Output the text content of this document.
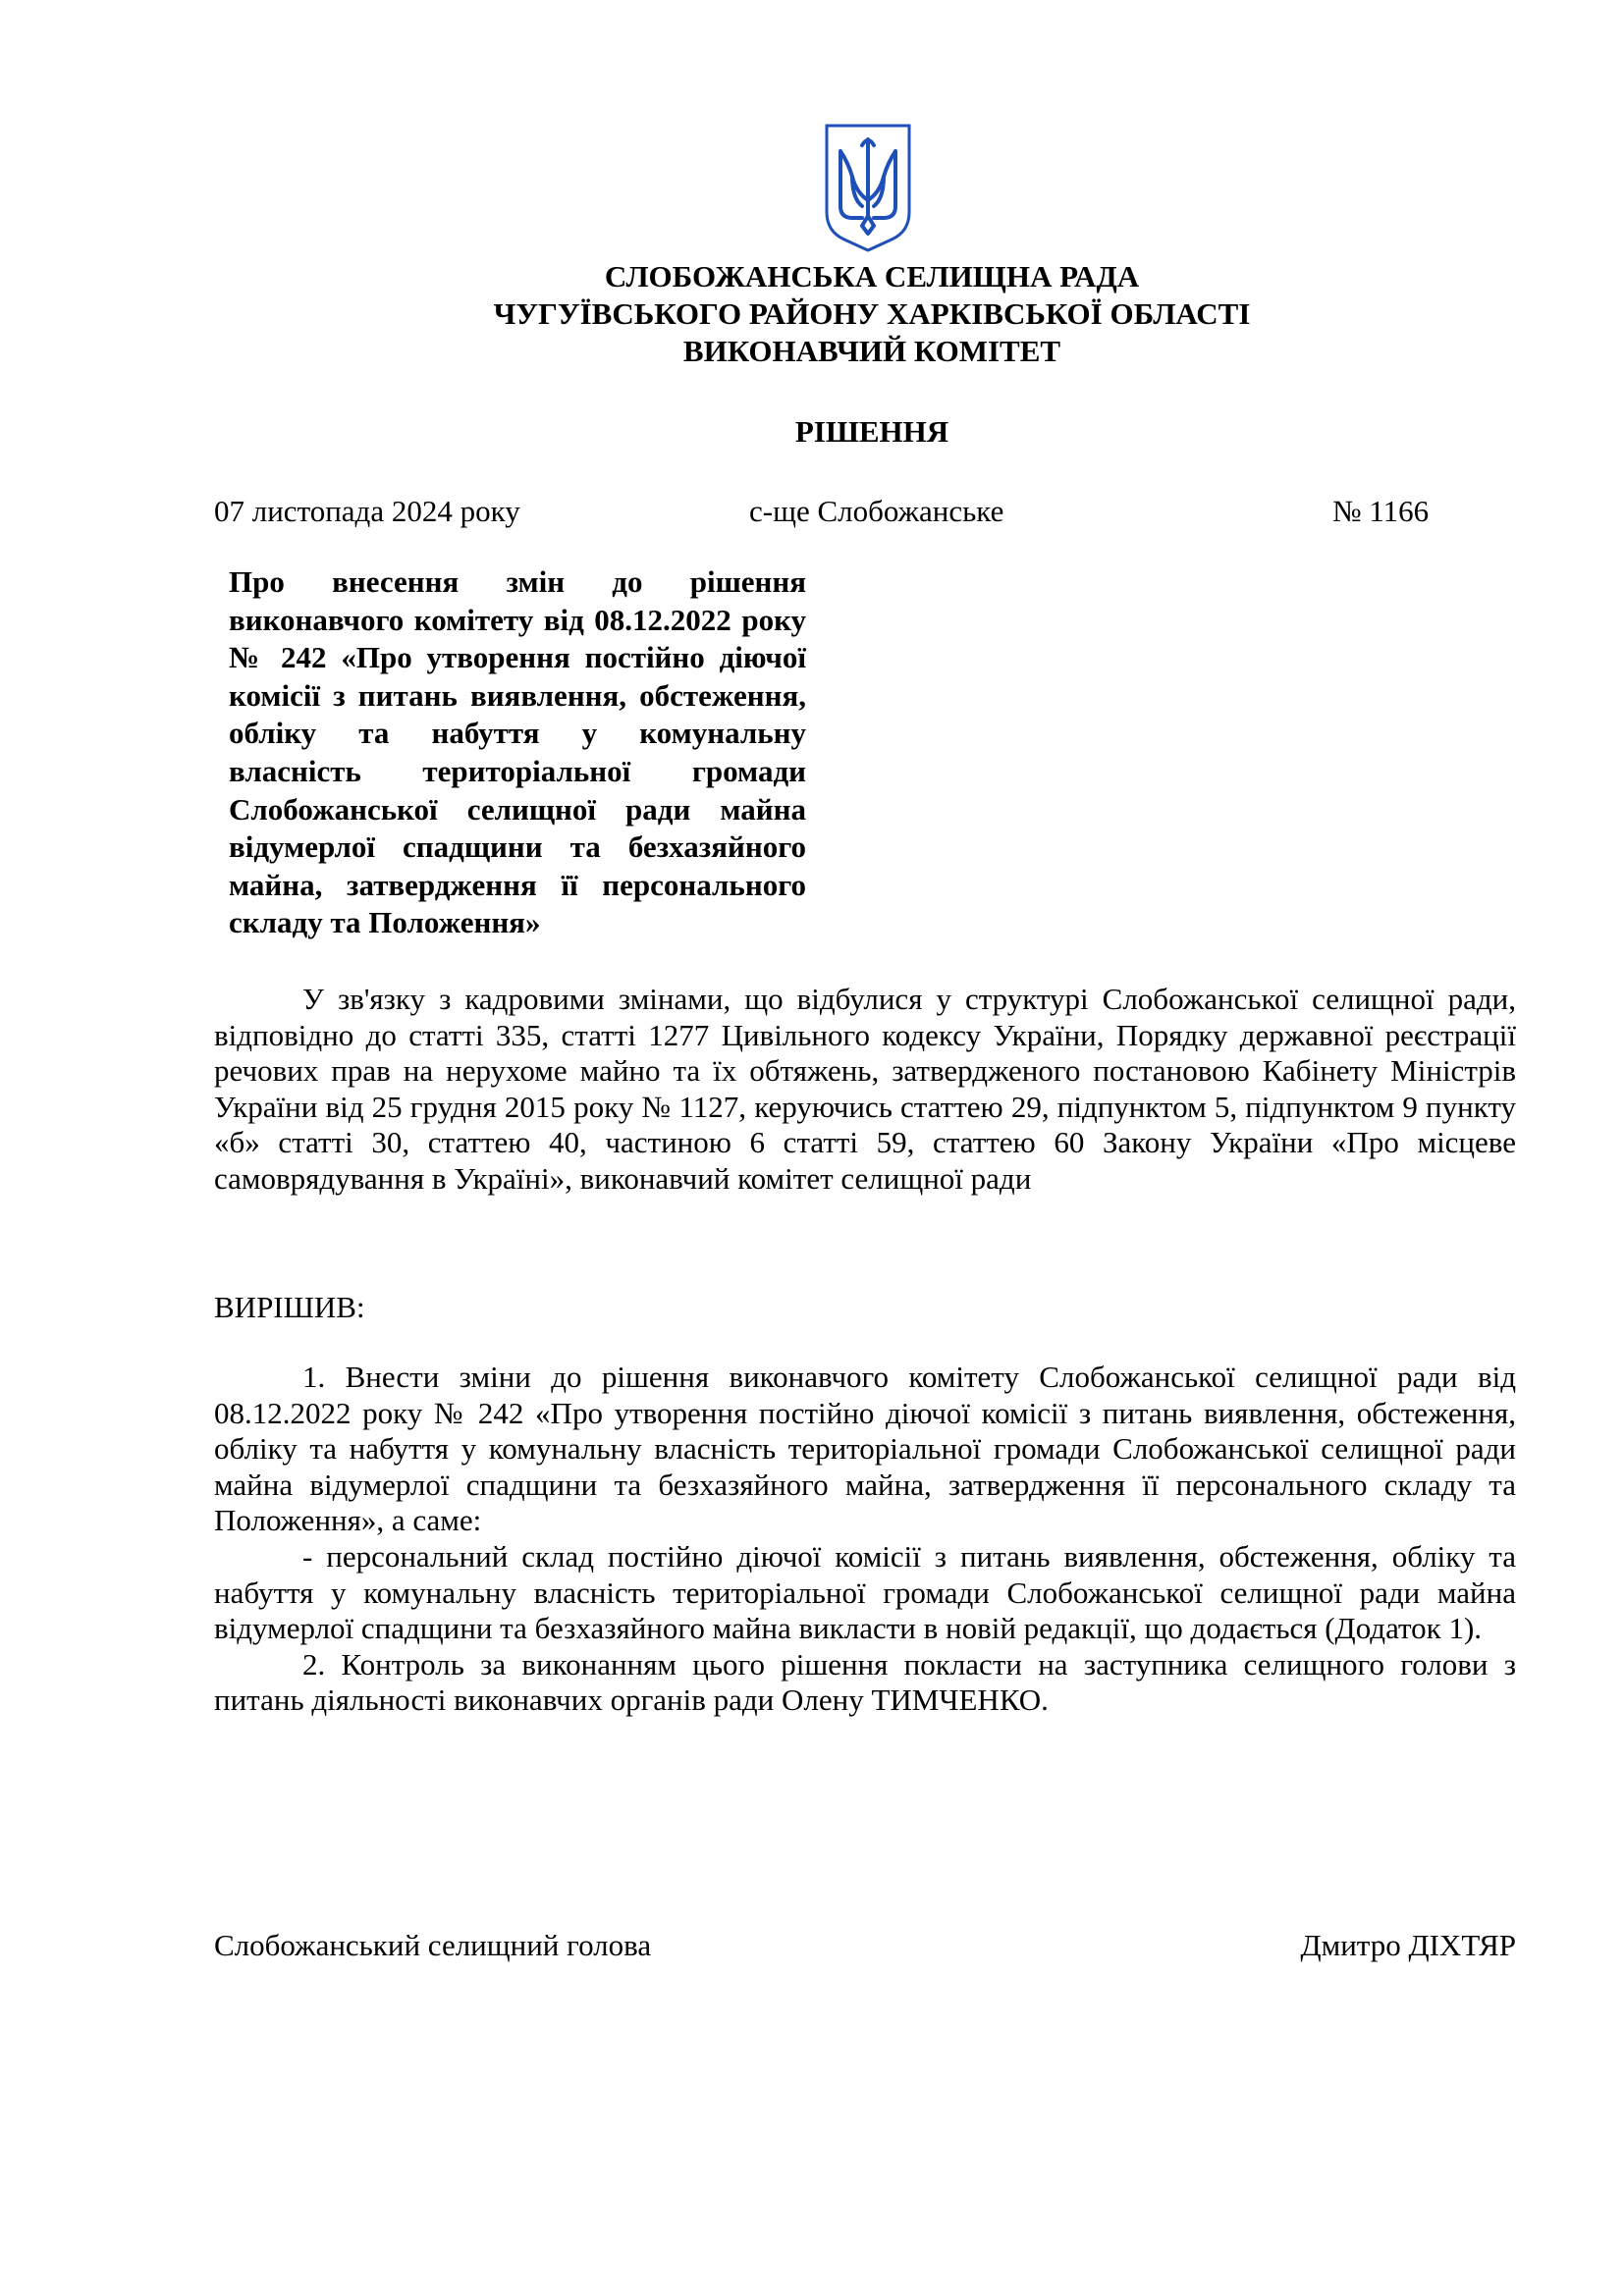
СЛОБОЖАНСЬКА СЕЛИЩНА РАДА
ЧУГУЇВСЬКОГО РАЙОНУ ХАРКІВСЬКОЇ ОБЛАСТІ
ВИКОНАВЧИЙ КОМІТЕТ
РІШЕННЯ
07 листопада 2024 року	с-ще Слобожанське	№ 1166
Про внесення змін до рішення виконавчого комітету від 08.12.2022 року № 242 «Про утворення постійно діючої комісії з питань виявлення, обстеження, обліку та набуття у комунальну власність територіальної громади Слобожанської селищної ради майна відумерлої спадщини та безхазяйного майна, затвердження її персонального складу та Положення»
У зв'язку з кадровими змінами, що відбулися у структурі Слобожанської селищної ради, відповідно до статті 335, статті 1277 Цивільного кодексу України, Порядку державної реєстрації речових прав на нерухоме майно та їх обтяжень, затвердженого постановою Кабінету Міністрів України від 25 грудня 2015 року № 1127, керуючись статтею 29, підпунктом 5, підпунктом 9 пункту «б» статті 30, статтею 40, частиною 6 статті 59, статтею 60 Закону України «Про місцеве самоврядування в Україні», виконавчий комітет селищної ради
ВИРІШИВ:

1. Внести зміни до рішення виконавчого комітету Слобожанської селищної ради від 08.12.2022 року № 242 «Про утворення постійно діючої комісії з питань виявлення, обстеження, обліку та набуття у комунальну власність територіальної громади Слобожанської селищної ради майна відумерлої спадщини та безхазяйного майна, затвердження її персонального складу та Положення», а саме:

- персональний склад постійно діючої комісії з питань виявлення, обстеження, обліку та набуття у комунальну власність територіальної громади Слобожанської селищної ради майна відумерлої спадщини та безхазяйного майна викласти в новій редакції, що додається (Додаток 1).

2. Контроль за виконанням цього рішення покласти на заступника селищного голови з питань діяльності виконавчих органів ради Олену ТИМЧЕНКО.

Слобожанський селищний голова	Дмитро ДІХТЯР
